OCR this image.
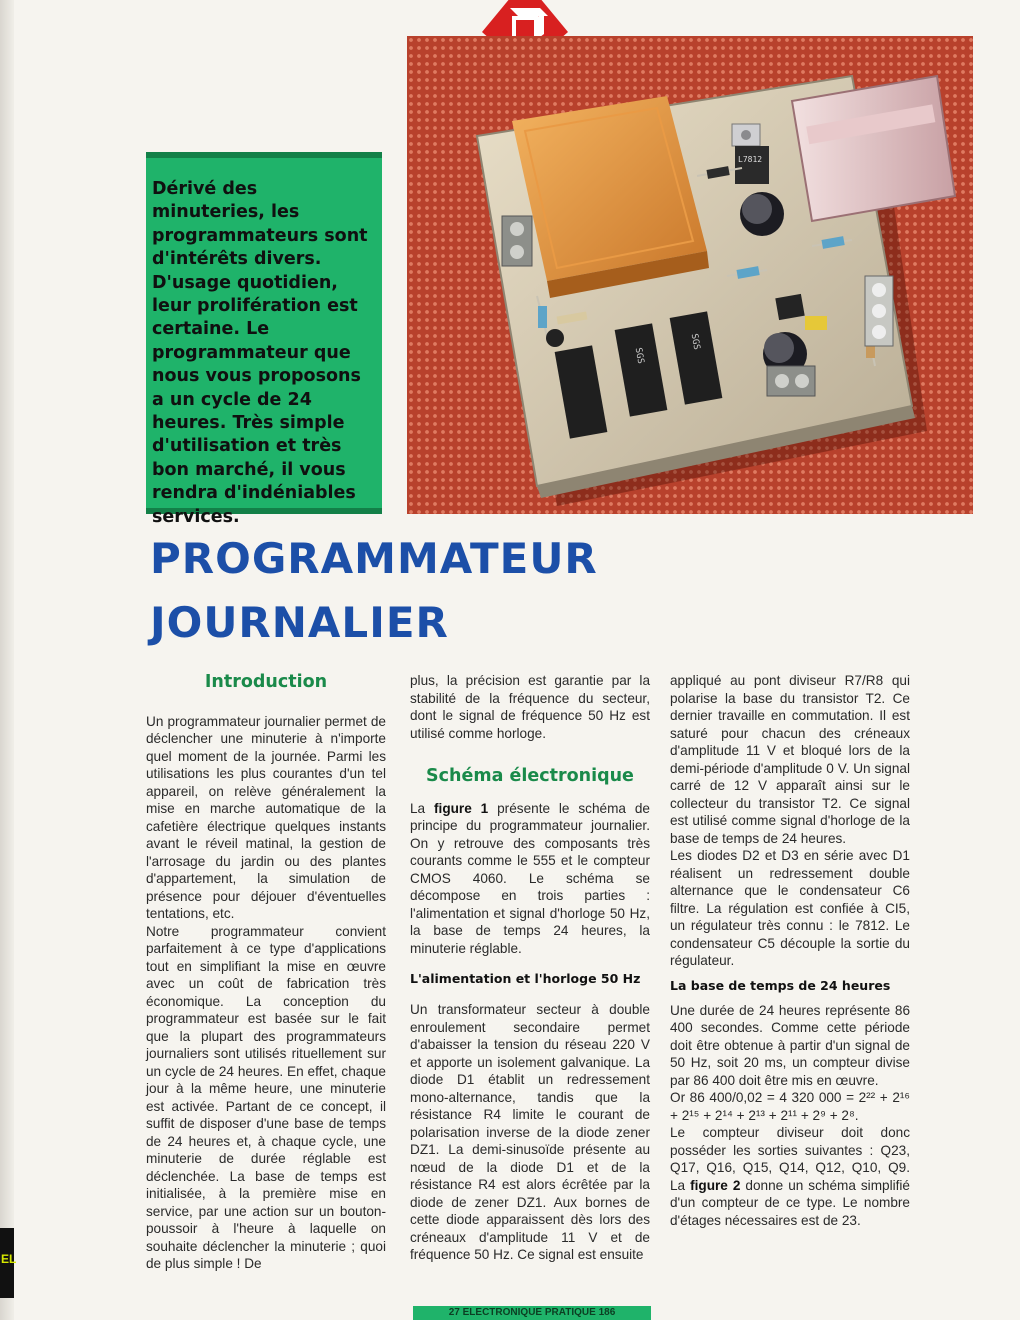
EL
L7812
SGS
SGS

Dérivé des minuteries, les programmateurs sont d'intérêts divers. D'usage quotidien, leur prolifération est certaine. Le programmateur que nous vous proposons a un cycle de 24 heures. Très simple d'utilisation et très bon marché, il vous rendra d'indéniables services.

PROGRAMMATEUR
JOURNALIER
Introduction

Un programmateur journalier permet de déclencher une minuterie à n'importe quel moment de la journée. Parmi les utilisations les plus courantes d'un tel appareil, on relève généralement la mise en marche automatique de la cafetière électrique quelques instants avant le réveil matinal, la gestion de l'arrosage du jardin ou des plantes d'appartement, la simulation de présence pour déjouer d'éventuelles tentations, etc.

Notre programmateur convient parfaitement à ce type d'applications tout en simplifiant la mise en œuvre avec un coût de fabrication très économique. La conception du programmateur est basée sur le fait que la plupart des programmateurs journaliers sont utilisés rituellement sur un cycle de 24 heures. En effet, chaque jour à la même heure, une minuterie est activée. Partant de ce concept, il suffit de disposer d'une base de temps de 24 heures et, à chaque cycle, une minuterie de durée réglable est déclenchée. La base de temps est initialisée, à la première mise en service, par une action sur un bouton-poussoir à l'heure à laquelle on souhaite déclencher la minuterie ; quoi de plus simple ! De

plus, la précision est garantie par la stabilité de la fréquence du secteur, dont le signal de fréquence 50 Hz est utilisé comme horloge.

Schéma électronique

La figure 1 présente le schéma de principe du programmateur journalier. On y retrouve des composants très courants comme le 555 et le compteur CMOS 4060. Le schéma se décompose en trois parties : l'alimentation et signal d'horloge 50 Hz, la base de temps 24 heures, la minuterie réglable.

L'alimentation et l'horloge 50 Hz

Un transformateur secteur à double enroulement secondaire permet d'abaisser la tension du réseau 220 V et apporte un isolement galvanique. La diode D1 établit un redressement mono-alternance, tandis que la résistance R4 limite le courant de polarisation inverse de la diode zener DZ1. La demi-sinusoïde présente au nœud de la diode D1 et de la résistance R4 est alors écrêtée par la diode de zener DZ1. Aux bornes de cette diode apparaissent dès lors des créneaux d'amplitude 11 V et de fréquence 50 Hz. Ce signal est ensuite

appliqué au pont diviseur R7/R8 qui polarise la base du transistor T2. Ce dernier travaille en commutation. Il est saturé pour chacun des créneaux d'amplitude 11 V et bloqué lors de la demi-période d'amplitude 0 V. Un signal carré de 12 V apparaît ainsi sur le collecteur du transistor T2. Ce signal est utilisé comme signal d'horloge de la base de temps de 24 heures.

Les diodes D2 et D3 en série avec D1 réalisent un redressement double alternance que le condensateur C6 filtre. La régulation est confiée à CI5, un régulateur très connu : le 7812. Le condensateur C5 découple la sortie du régulateur.

La base de temps de 24 heures

Une durée de 24 heures représente 86 400 secondes. Comme cette période doit être obtenue à partir d'un signal de 50 Hz, soit 20 ms, un compteur divise par 86 400 doit être mis en œuvre.

Or 86 400/0,02 = 4 320 000 = 2²² + 2¹⁶ + 2¹⁵ + 2¹⁴ + 2¹³ + 2¹¹ + 2⁹ + 2⁸.

Le compteur diviseur doit donc posséder les sorties suivantes : Q23, Q17, Q16, Q15, Q14, Q12, Q10, Q9. La figure 2 donne un schéma simplifié d'un compteur de ce type. Le nombre d'étages nécessaires est de 23.

27 ELECTRONIQUE PRATIQUE 186
